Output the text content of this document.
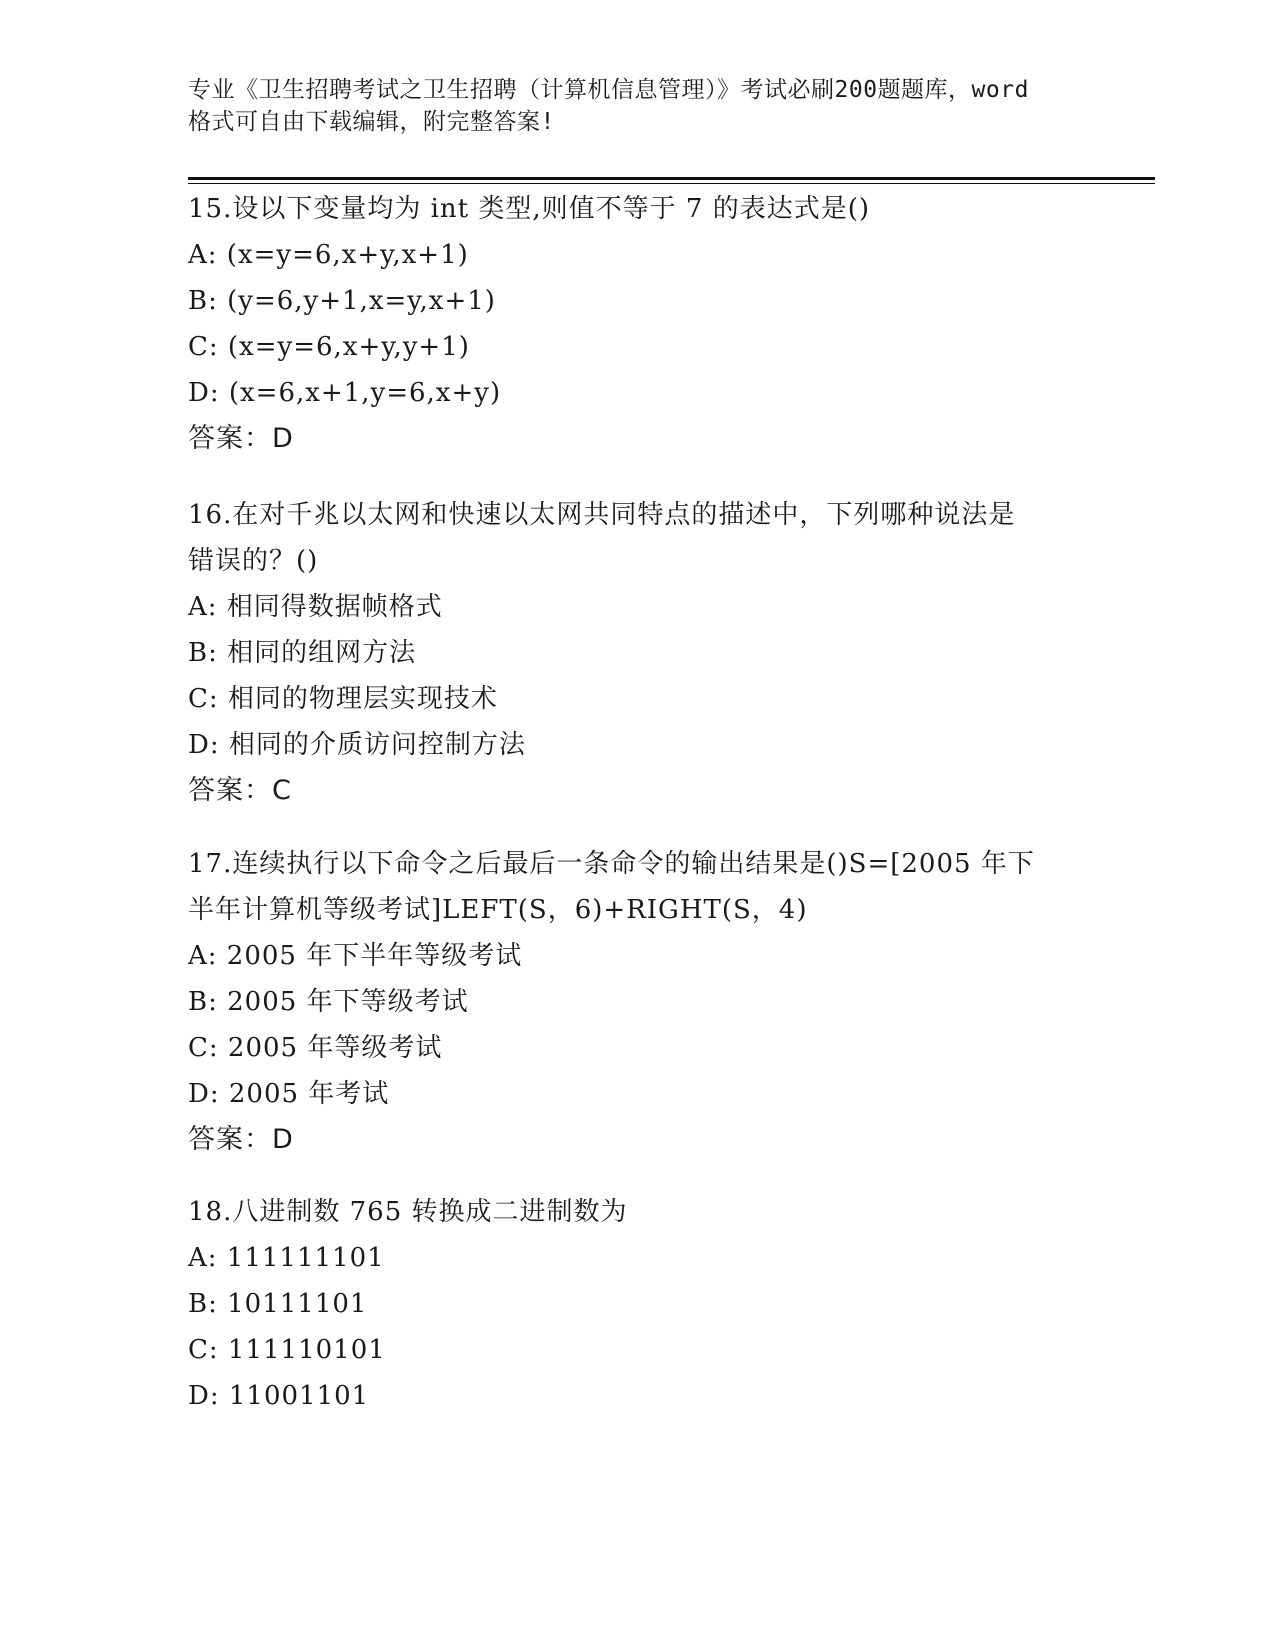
专业《卫生招聘考试之卫生招聘（计算机信息管理）》考试必刷200题题库，word
格式可自由下载编辑，附完整答案!
15.设以下变量均为 int 类型,则值不等于 7 的表达式是()
A: (x=y=6,x+y,x+1)
B: (y=6,y+1,x=y,x+1)
C: (x=y=6,x+y,y+1)
D: (x=6,x+1,y=6,x+y)
答案：D
16.在对千兆以太网和快速以太网共同特点的描述中，下列哪种说法是
错误的？()
A: 相同得数据帧格式
B: 相同的组网方法
C: 相同的物理层实现技术
D: 相同的介质访问控制方法
答案：C
17.连续执行以下命令之后最后一条命令的输出结果是()S=[2005 年下
半年计算机等级考试]LEFT(S，6)+RIGHT(S，4)
A: 2005 年下半年等级考试
B: 2005 年下等级考试
C: 2005 年等级考试
D: 2005 年考试
答案：D
18.八进制数 765 转换成二进制数为
A: 111111101
B: 10111101
C: 111110101
D: 11001101
